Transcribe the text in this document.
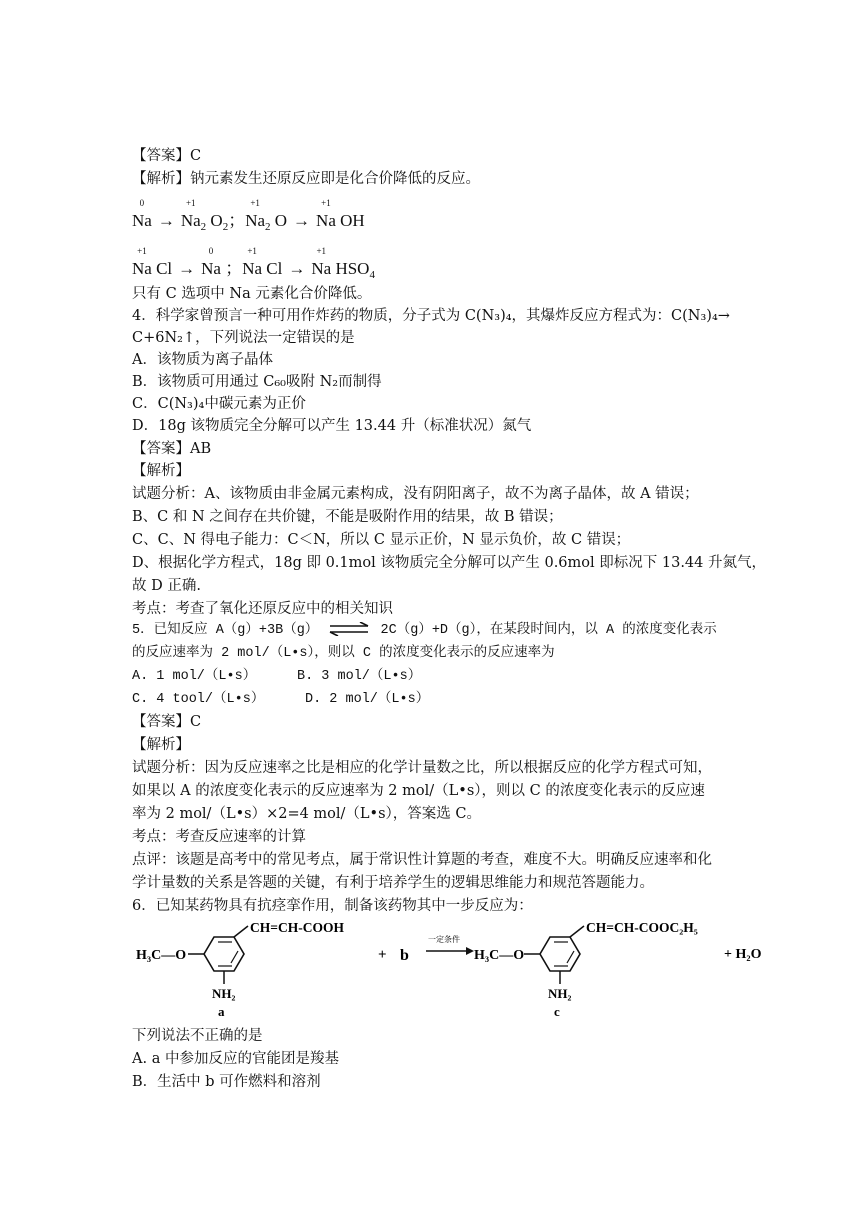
【答案】C
【解析】钠元素发生还原反应即是化合价降低的反应。
0
Na →
+1
$Na_2$ $O_2$；
+1
$Na_2$ O →
+1
Na OH
+1
Na Cl →
0
Na ；
+1
Na Cl →
+1
Na $HSO_4$
只有 C 选项中 Na 元素化合价降低。
4．科学家曾预言一种可用作炸药的物质，分子式为 C(N₃)₄，其爆炸反应方程式为：C(N₃)₄→
C+6N₂↑，下列说法一定错误的是
A．该物质为离子晶体
B．该物质可用通过 C₆₀吸附 N₂而制得
C．C(N₃)₄中碳元素为正价
D．18g 该物质完全分解可以产生 13.44 升（标准状况）氮气
【答案】AB
【解析】
试题分析：A、该物质由非金属元素构成，没有阴阳离子，故不为离子晶体，故 A 错误；
B、C 和 N 之间存在共价键，不能是吸附作用的结果，故 B 错误；
C、C、N 得电子能力：C＜N，所以 C 显示正价，N 显示负价，故 C 错误；
D、根据化学方程式，18g 即 0.1mol 该物质完全分解可以产生 0.6mol 即标况下 13.44 升氮气，
故 D 正确.
考点：考查了氧化还原反应中的相关知识
5．已知反应 A（g）+3B（g） ⇌ 2C（g）+D（g），在某段时间内，以 A 的浓度变化表示
的反应速率为 2 mol/（L•s），则以 C 的浓度变化表示的反应速率为
A. 1 mol/（L•s）	B. 3 mol/（L•s）
C. 4 tool/（L•s）	D. 2 mol/（L•s）
【答案】C
【解析】
试题分析：因为反应速率之比是相应的化学计量数之比，所以根据反应的化学方程式可知，
如果以 A 的浓度变化表示的反应速率为 2 mol/（L•s），则以 C 的浓度变化表示的反应速
率为 2 mol/（L•s）×2=4 mol/（L•s），答案选 C。
考点：考查反应速率的计算
点评：该题是高考中的常见考点，属于常识性计算题的考查，难度不大。明确反应速率和化
学计量数的关系是答题的关键，有利于培养学生的逻辑思维能力和规范答题能力。
6．已知某药物具有抗痉挛作用，制备该药物其中一步反应为：
H₃C—O
CH=CH-COOH
NH₂
a
+ b
一定条件
H₃C—O
CH=CH-COOC₂H₅
NH₂
c
+ H₂O
下列说法不正确的是
A. a 中参加反应的官能团是羧基
B．生活中 b 可作燃料和溶剂
